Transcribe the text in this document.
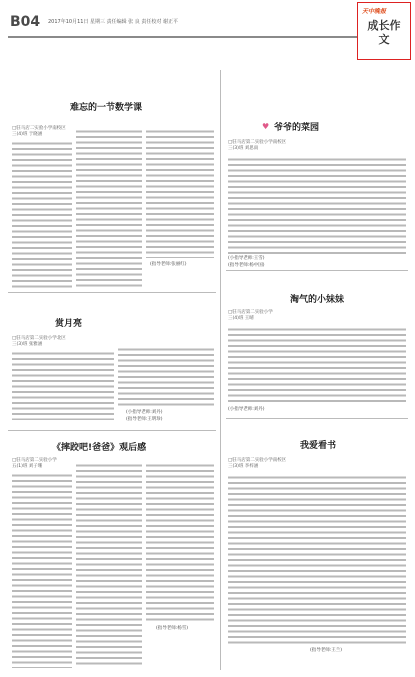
B04 2017年10月11日 星期三 责任编辑 张 良 责任校对 谢正平
天中晚报
成长作文
难忘的一节数学课
□驻马店二实验小学南校区
三(4)班 于晓涵
(指导老师:张丽红)
赏月亮
□驻马店第二实验小学北区
三(3)班 张雅涵
(小指导老师:刘丹)
(指导老师:王明珍)
《摔跤吧!爸爸》观后感
□驻马店第二实验小学
五(1)班 刘子珊
(指导老师:杨雪)
♥ 爷爷的菜园
□驻马店第二实验小学南校区
三(3)班 刘思雨
(小指导老师:王雪)
(指导老师:杨中国)
淘气的小妹妹
□驻马店第二实验小学
三(4)班 王晴
(小指导老师:刘丹)
我爱看书
□驻马店第二实验小学南校区
三(3)班 李梓涵
(指导老师:王兰)
